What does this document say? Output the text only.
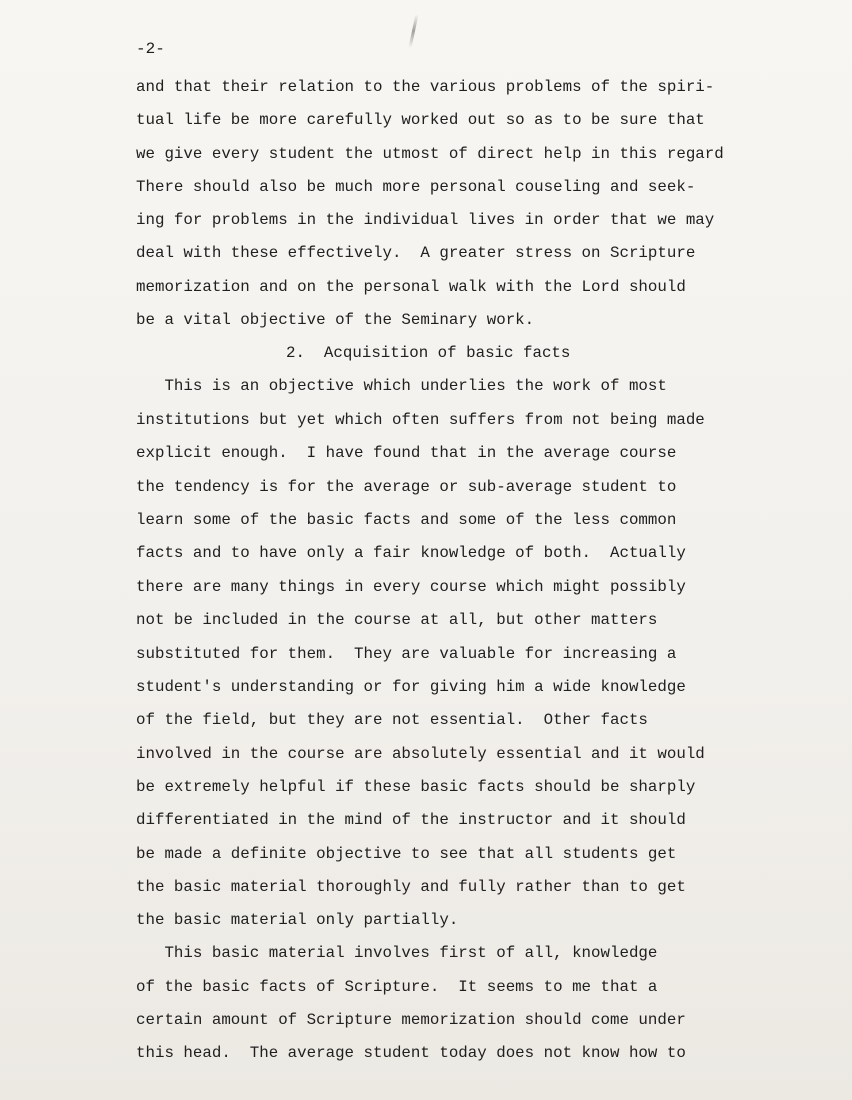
-2-
and that their relation to the various problems of the spiri-
tual life be more carefully worked out so as to be sure that
we give every student the utmost of direct help in this regard
There should also be much more personal couseling and seek-
ing for problems in the individual lives in order that we may
deal with these effectively.  A greater stress on Scripture
memorization and on the personal walk with the Lord should
be a vital objective of the Seminary work.
2.  Acquisition of basic facts
This is an objective which underlies the work of most
institutions but yet which often suffers from not being made
explicit enough.  I have found that in the average course
the tendency is for the average or sub-average student to
learn some of the basic facts and some of the less common
facts and to have only a fair knowledge of both.  Actually
there are many things in every course which might possibly
not be included in the course at all, but other matters
substituted for them.  They are valuable for increasing a
student's understanding or for giving him a wide knowledge
of the field, but they are not essential.  Other facts
involved in the course are absolutely essential and it would
be extremely helpful if these basic facts should be sharply
differentiated in the mind of the instructor and it should
be made a definite objective to see that all students get
the basic material thoroughly and fully rather than to get
the basic material only partially.
This basic material involves first of all, knowledge
of the basic facts of Scripture.  It seems to me that a
certain amount of Scripture memorization should come under
this head.  The average student today does not know how to
